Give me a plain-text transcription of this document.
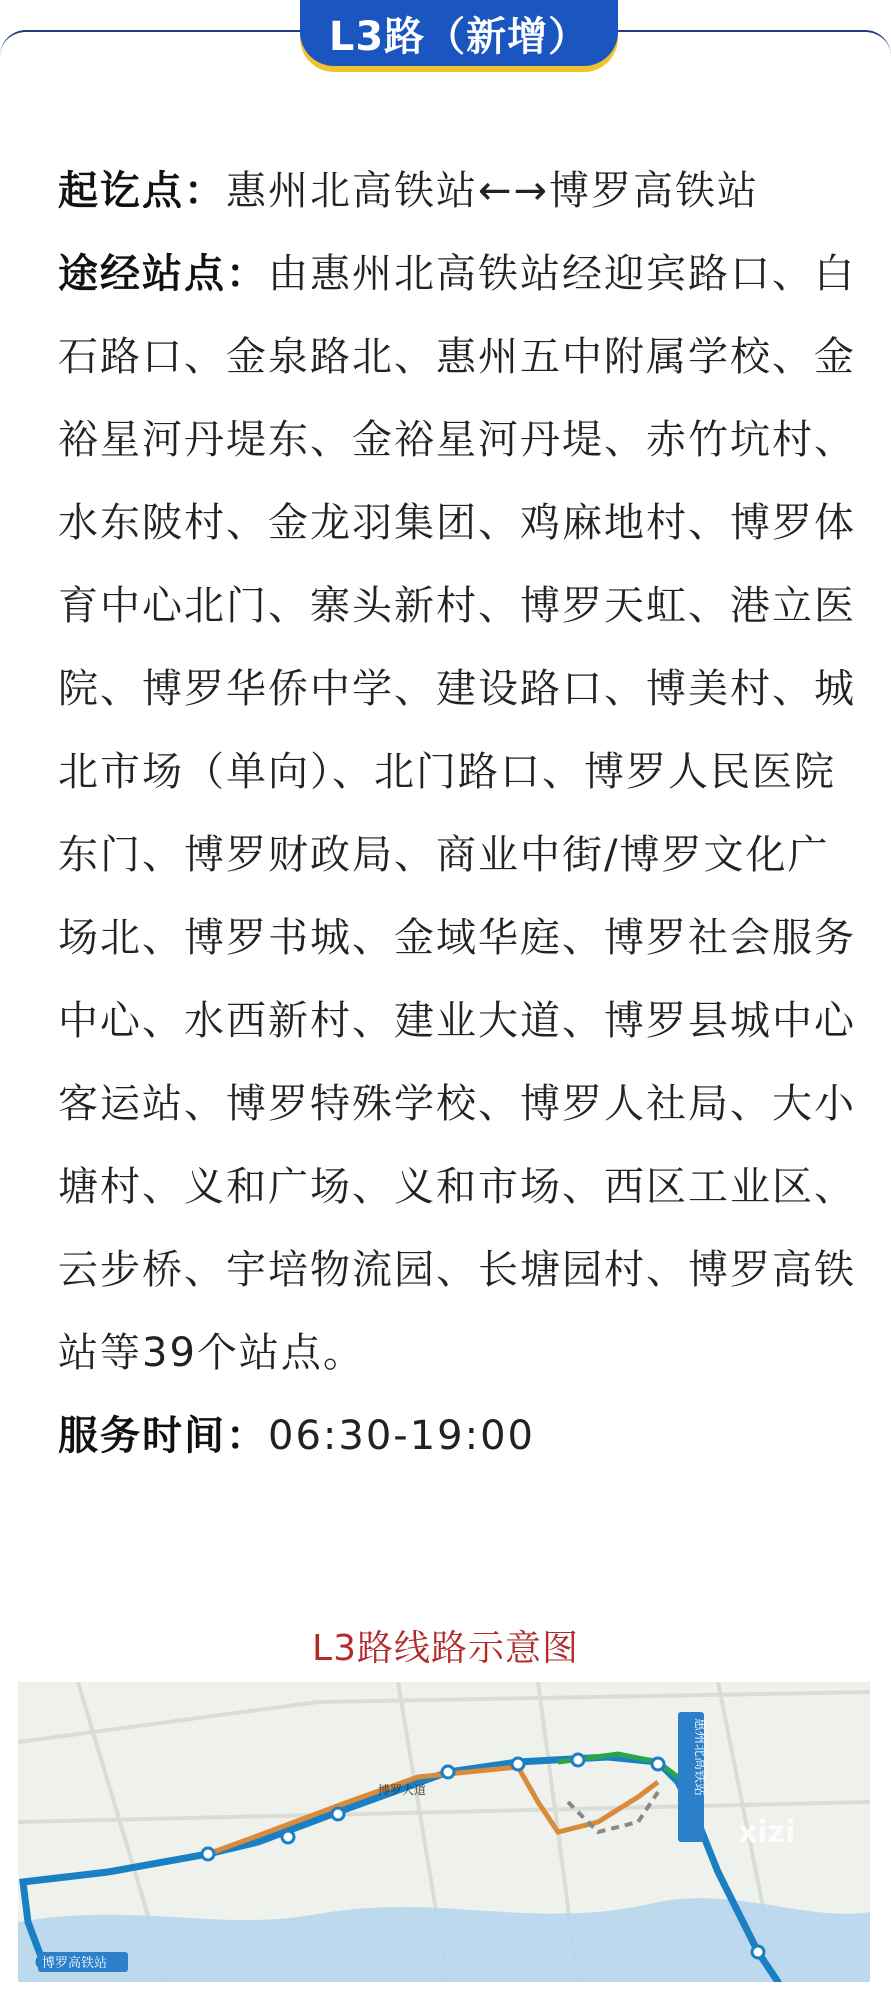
L3路（新增）

起讫点：惠州北高铁站←→博罗高铁站

途经站点：由惠州北高铁站经迎宾路口、白石路口、金泉路北、惠州五中附属学校、金裕星河丹堤东、金裕星河丹堤、赤竹坑村、水东陂村、金龙羽集团、鸡麻地村、博罗体育中心北门、寨头新村、博罗天虹、港立医院、博罗华侨中学、建设路口、博美村、城北市场（单向）、北门路口、博罗人民医院东门、博罗财政局、商业中街/博罗文化广场北、博罗书城、金域华庭、博罗社会服务中心、水西新村、建业大道、博罗县城中心客运站、博罗特殊学校、博罗人社局、大小塘村、义和广场、义和市场、西区工业区、云步桥、宇培物流园、长塘园村、博罗高铁站等39个站点。

服务时间：06:30-19:00

L3路线路示意图
博罗高铁站
博罗大道	惠州北高铁站
xizi
